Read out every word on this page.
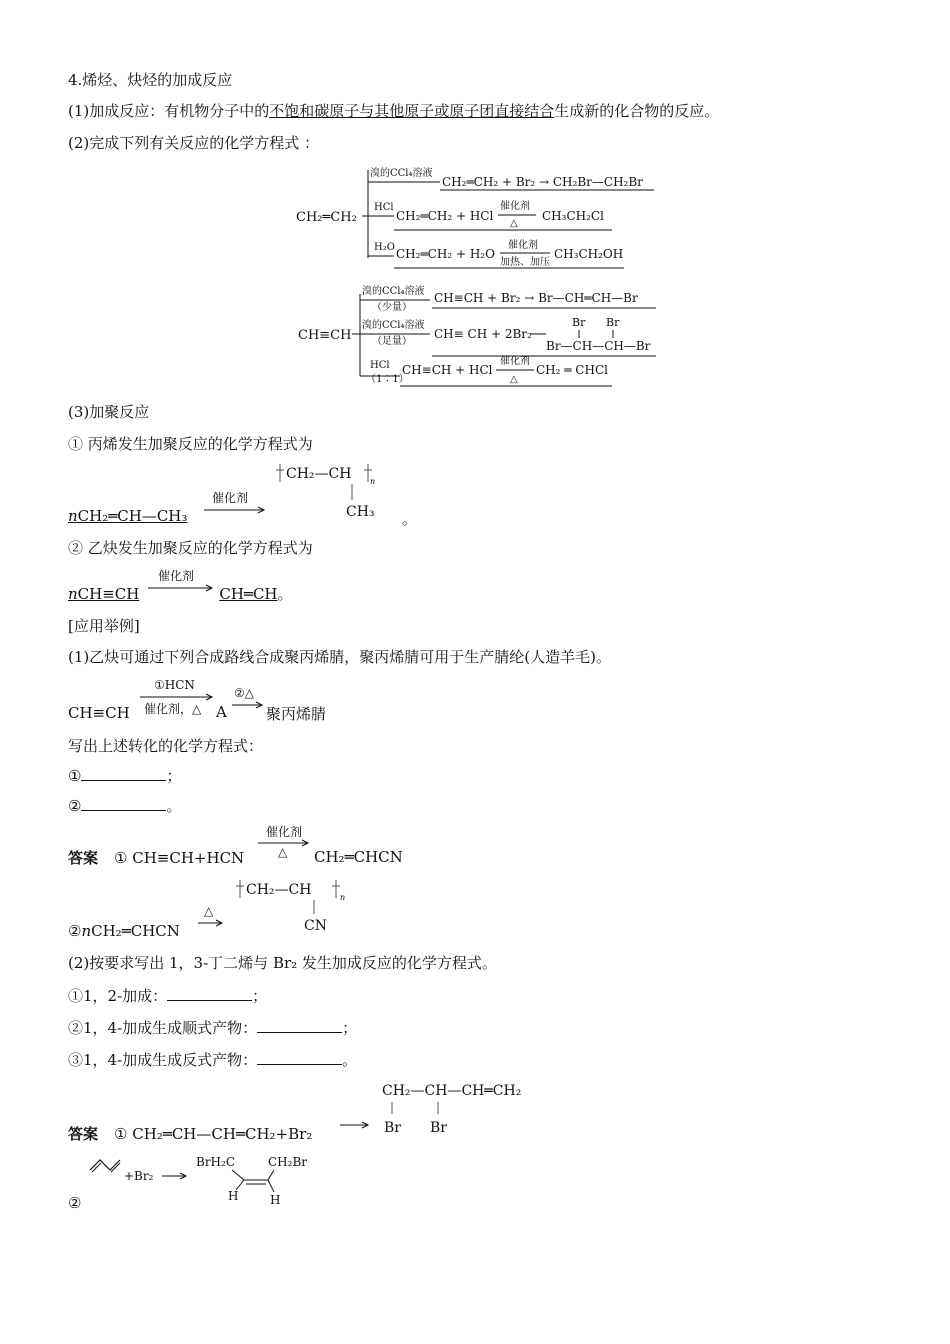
4.烯烃、炔烃的加成反应
(1)加成反应：有机物分子中的不饱和碳原子与其他原子或原子团直接结合生成新的化合物的反应。
(2)完成下列有关反应的化学方程式 ：
CH₂═CH₂
溴的CCl₄溶液
CH₂═CH₂ + Br₂ → CH₂Br—CH₂Br
HCl
CH₂═CH₂ + HCl
催化剂
△
CH₃CH₂Cl
H₂O CH₂═CH₂ + H₂O
催化剂
加热、加压
CH₃CH₂OH
CH≡CH
溴的CCl₄溶液
（少量）
CH≡CH + Br₂ → Br—CH═CH—Br
溴的CCl₄溶液
（足量）
CH≡ CH + 2Br₂
Br Br
Br—CH—CH—Br
HCl
（1∶1）
CH≡CH + HCl
催化剂
△
CH₂ ═ CHCl
(3)加聚反应
① 丙烯发生加聚反应的化学方程式为
nCH₂═CH—CH₃
催化剂
CH₂—CH n
CH₃ 。
② 乙炔发生加聚反应的化学方程式为
催化剂
nCH≡CH	CH═CH。
[应用举例]
(1)乙炔可通过下列合成路线合成聚丙烯腈，聚丙烯腈可用于生产腈纶(人造羊毛)。
CH≡CH
①HCN
催化剂，△ A
②△
聚丙烯腈
写出上述转化的化学方程式：
①	；
②	。
答案 ① CH≡CH+HCN
催化剂
△ CH₂═CHCN
②nCH₂═CHCN
△
CH₂—CH	n
CN
(2)按要求写出 1，3-丁二烯与 Br₂ 发生加成反应的化学方程式。
①1，2-加成：	；
②1，4-加成生成顺式产物：	；
③1，4-加成生成反式产物：	。
答案 ① CH₂═CH—CH═CH₂+Br₂
CH₂—CH—CH═CH₂
Br Br
+Br₂
BrH₂C	CH₂Br
H	H
②
